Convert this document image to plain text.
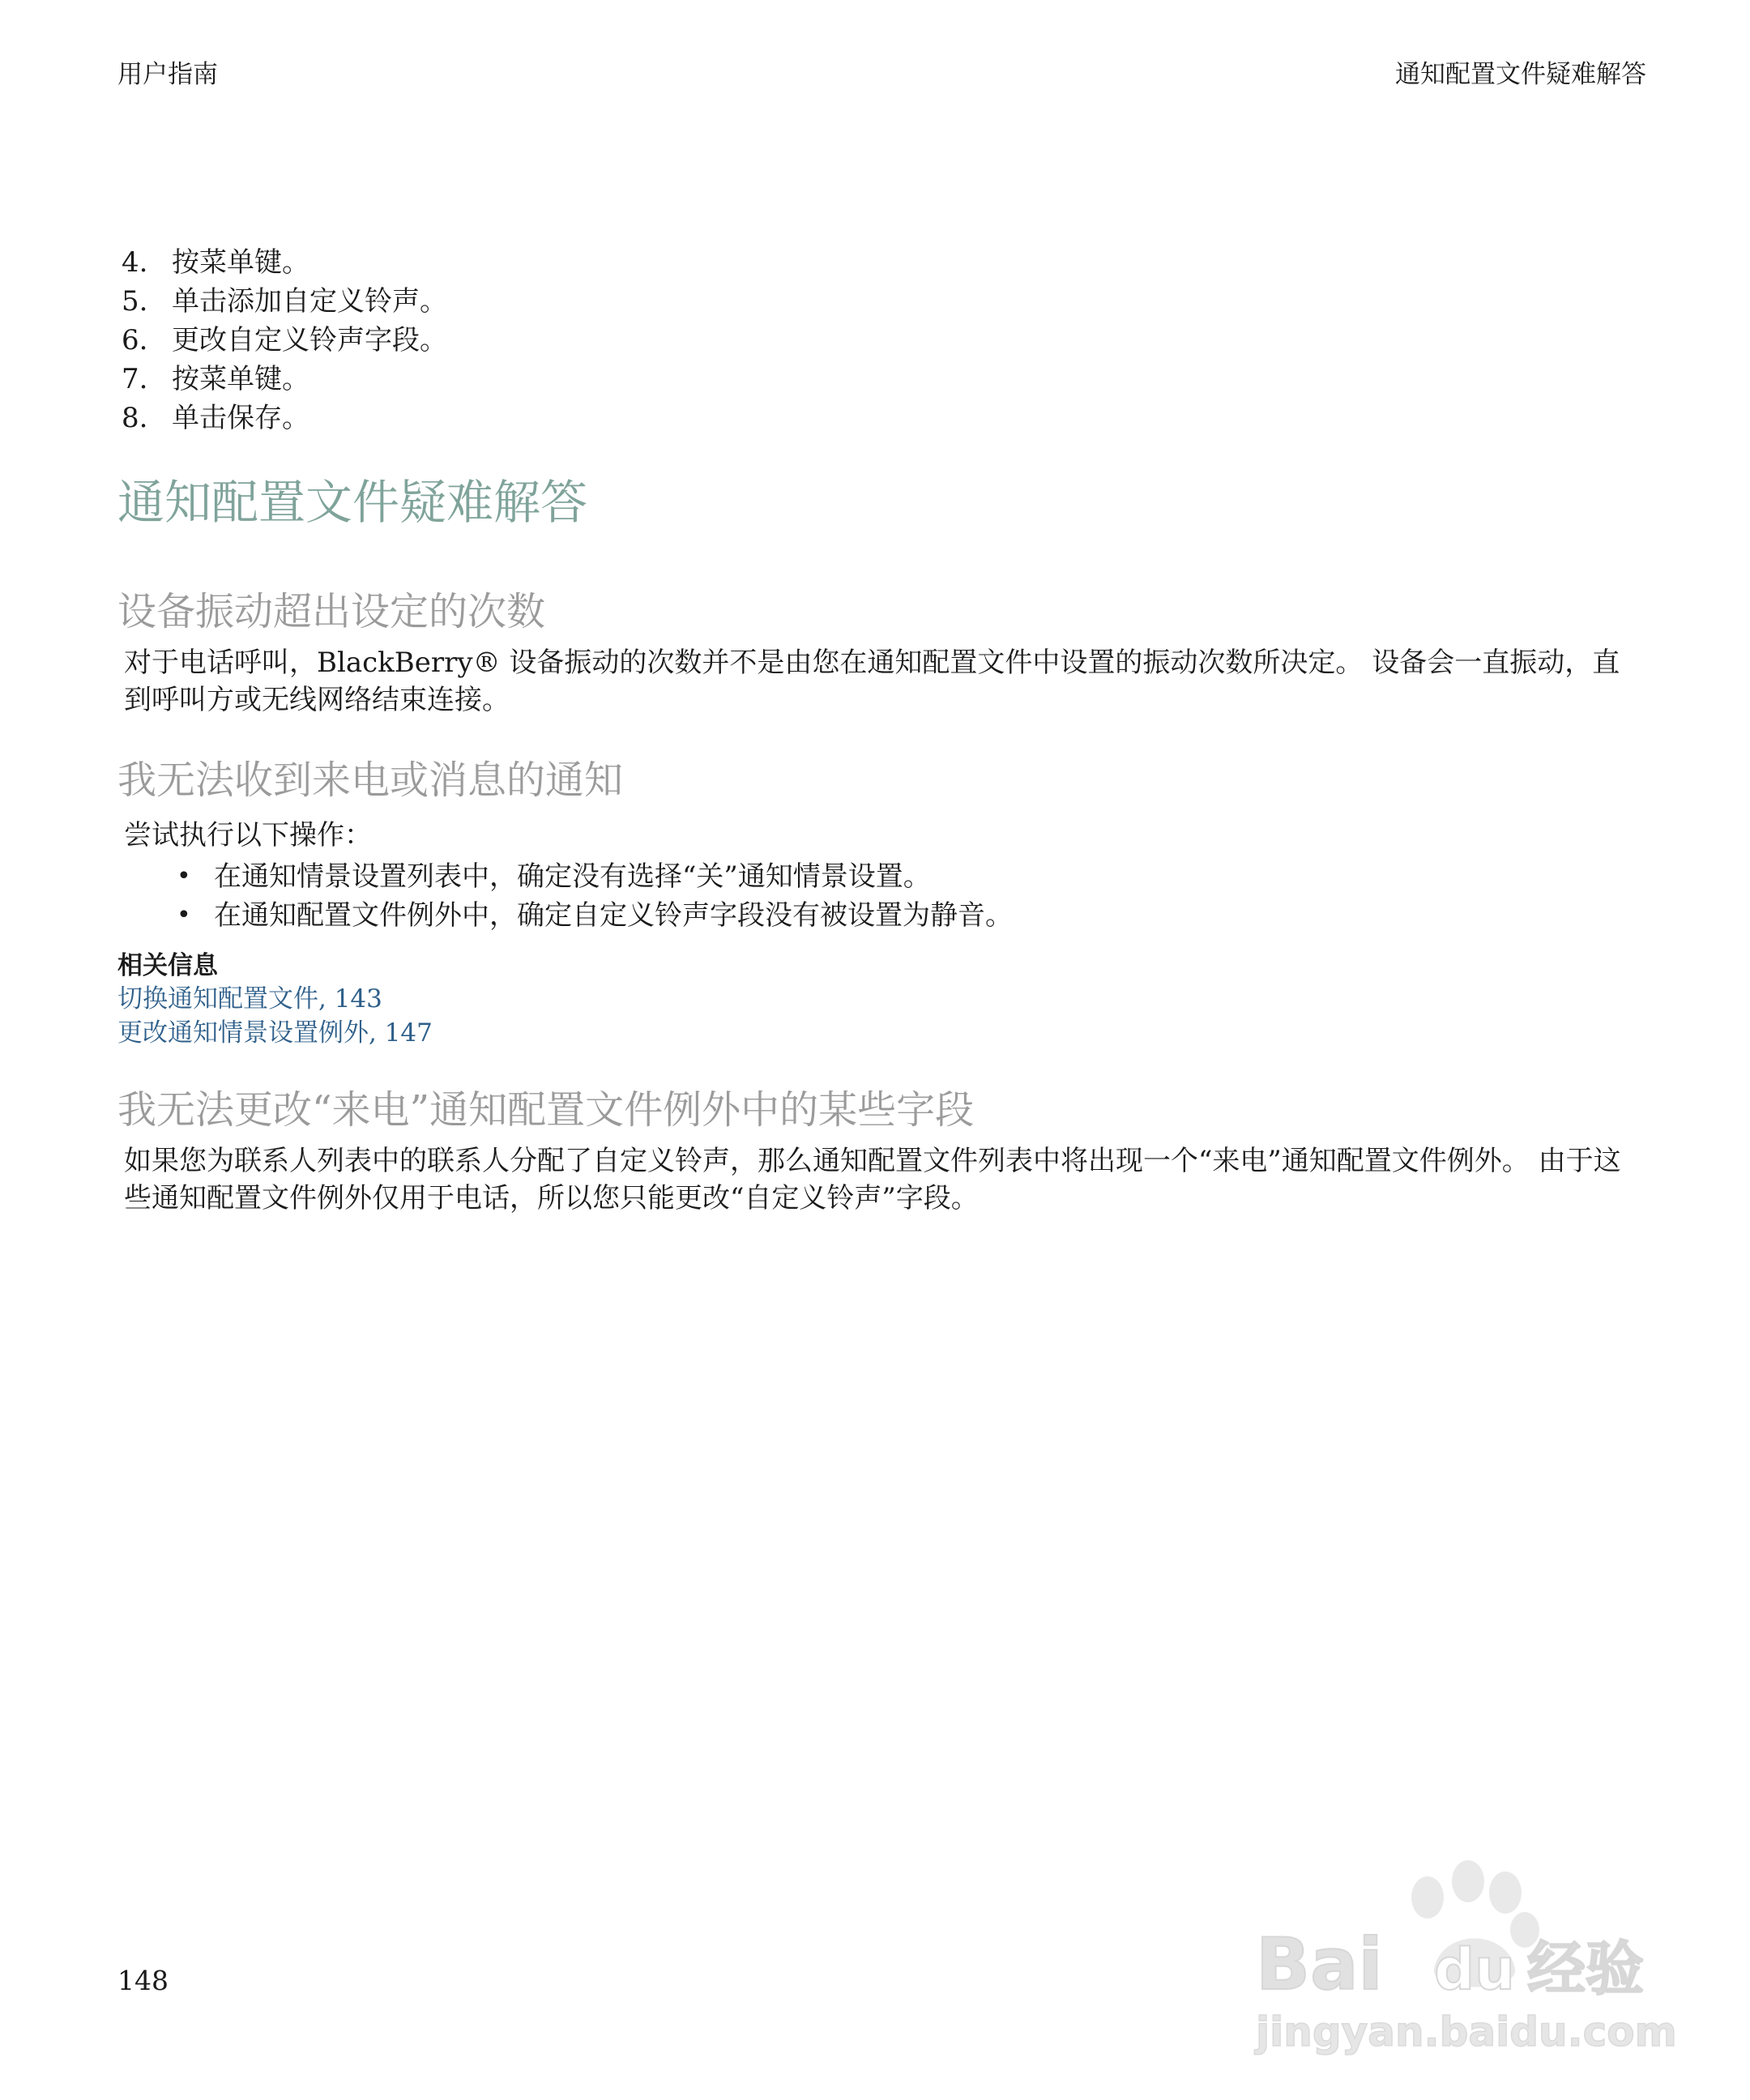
用户指南	通知配置文件疑难解答
4. 按菜单键。
5. 单击添加自定义铃声。
6. 更改自定义铃声字段。
7. 按菜单键。
8. 单击保存。
通知配置文件疑难解答
设备振动超出设定的次数

对于电话呼叫，BlackBerry® 设备振动的次数并不是由您在通知配置文件中设置的振动次数所决定。 设备会一直振动，直到呼叫方或无线网络结束连接。

我无法收到来电或消息的通知

尝试执行以下操作：

• 在通知情景设置列表中，确定没有选择“关”通知情景设置。
• 在通知配置文件例外中，确定自定义铃声字段没有被设置为静音。
相关信息
切换通知配置文件, 143
更改通知情景设置例外, 147
我无法更改“来电”通知配置文件例外中的某些字段

如果您为联系人列表中的联系人分配了自定义铃声，那么通知配置文件列表中将出现一个“来电”通知配置文件例外。 由于这些通知配置文件例外仅用于电话，所以您只能更改“自定义铃声”字段。

148	Bai du 经验
jingyan.baidu.com
